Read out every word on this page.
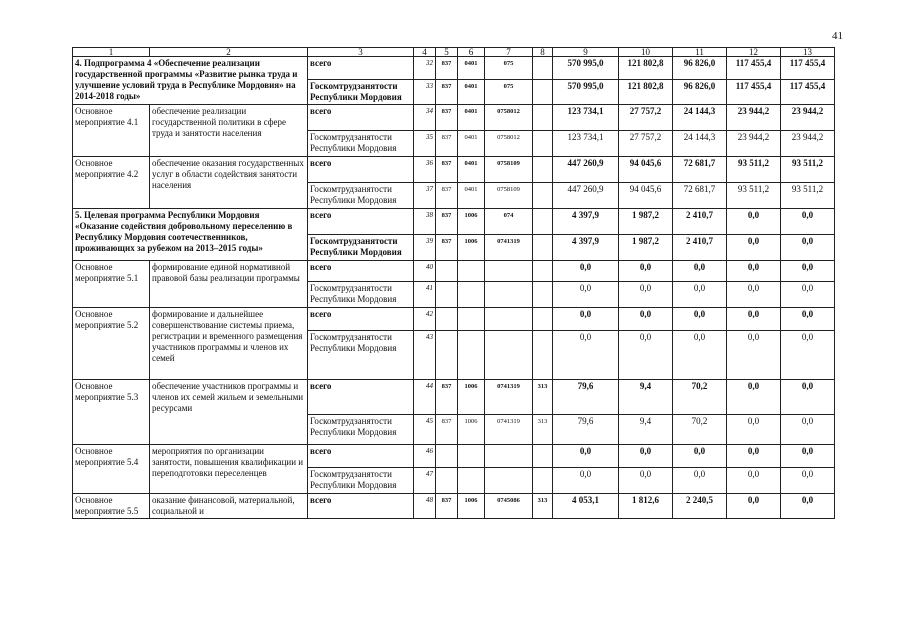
41
1	2	3	4	5	6	7	8	9	10	11	12	13
4. Подпрограмма 4 «Обеспечение реализации государственной программы «Развитие рынка труда и улучшение условий труда в Республике Мордовия» на 2014-2018 годы»		всего	32	837	0401	075		570 995,0	121 802,8	96 826,0	117 455,4	117 455,4
		Госкомтрудзанятости Республики Мордовия	33	837	0401	075		570 995,0	121 802,8	96 826,0	117 455,4	117 455,4
Основное мероприятие 4.1	обеспечение реализации государственной политики в сфере труда и занятости населения	всего	34	837	0401	0758012		123 734,1	27 757,2	24 144,3	23 944,2	23 944,2
		Госкомтрудзанятости Республики Мордовия	35	837	0401	0758012		123 734,1	27 757,2	24 144,3	23 944,2	23 944,2
Основное мероприятие 4.2	обеспечение оказания государственных услуг в области содействия занятости населения	всего	36	837	0401	0758109		447 260,9	94 045,6	72 681,7	93 511,2	93 511,2
		Госкомтрудзанятости Республики Мордовия	37	837	0401	0758109		447 260,9	94 045,6	72 681,7	93 511,2	93 511,2
5. Целевая программа Республики Мордовия «Оказание содействия добровольному переселению в Республику Мордовия соотечественников, проживающих за рубежом на 2013–2015 годы»		всего	38	837	1006	074		4 397,9	1 987,2	2 410,7	0,0	0,0
		Госкомтрудзанятости Республики Мордовия	39	837	1006	0741319		4 397,9	1 987,2	2 410,7	0,0	0,0
Основное мероприятие 5.1	формирование единой нормативной правовой базы реализации программы	всего	40					0,0	0,0	0,0	0,0	0,0
		Госкомтрудзанятости Республики Мордовия	41					0,0	0,0	0,0	0,0	0,0
Основное мероприятие 5.2	формирование и дальнейшее совершенствование системы приема, регистрации и временного размещения участников программы и членов их семей	всего	42					0,0	0,0	0,0	0,0	0,0
		Госкомтрудзанятости Республики Мордовия	43					0,0	0,0	0,0	0,0	0,0
Основное мероприятие 5.3	обеспечение участников программы и членов их семей жильем и земельными ресурсами	всего	44	837	1006	0741319	313	79,6	9,4	70,2	0,0	0,0
		Госкомтрудзанятости Республики Мордовия	45	837	1006	0741319	313	79,6	9,4	70,2	0,0	0,0
Основное мероприятие 5.4	мероприятия по организации занятости, повышения квалификации и переподготовки переселенцев	всего	46					0,0	0,0	0,0	0,0	0,0
		Госкомтрудзанятости Республики Мордовия	47					0,0	0,0	0,0	0,0	0,0
Основное мероприятие 5.5	оказание финансовой, материальной, социальной и	всего	48	837	1006	0745086	313	4 053,1	1 812,6	2 240,5	0,0	0,0
